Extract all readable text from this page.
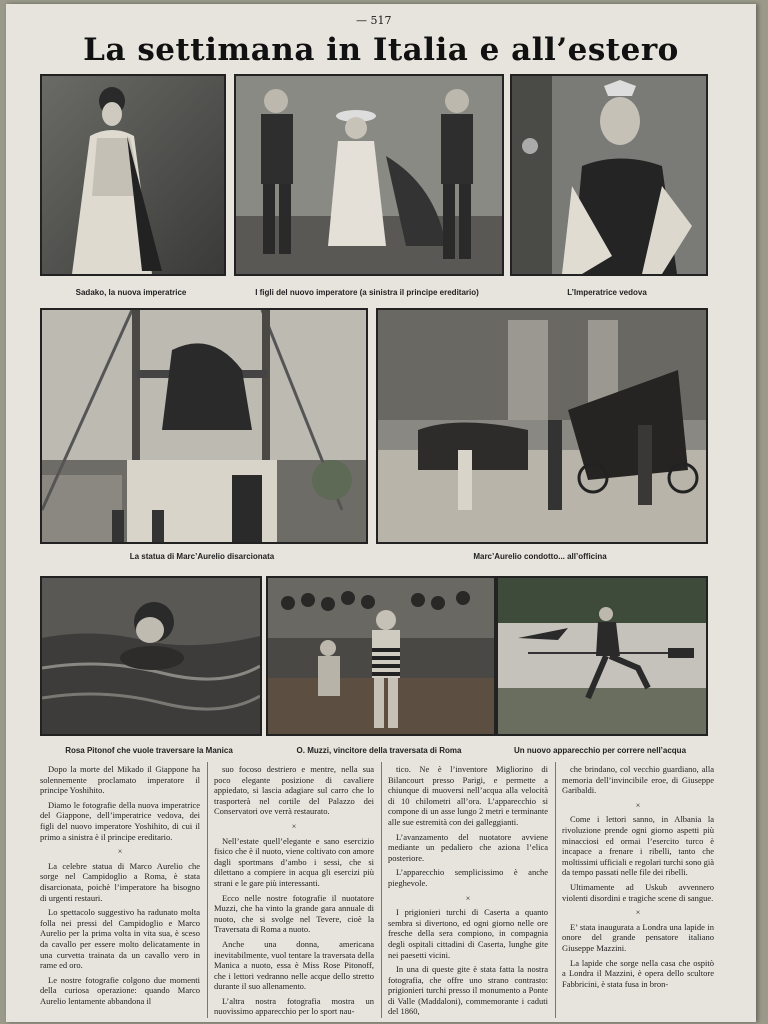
— 517
La settimana in Italia e all’estero
Sadako, la nuova imperatrice	I figli del nuovo imperatore (a sinistra il principe ereditario)	L’Imperatrice vedova
La statua di Marc’Aurelio disarcionata	Marc’Aurelio condotto... all’officina
Rosa Pitonof che vuole traversare la Manica	O. Muzzi, vincitore della traversata di Roma	Un nuovo apparecchio per correre nell’acqua

Dopo la morte del Mikado il Giappone ha solennemente proclamato imperatore il principe Yoshihito.

Diamo le fotografie della nuova imperatrice del Giappone, dell’imperatrice vedova, dei figli del nuovo imperatore Yoshihito, di cui il primo a sinistra è il principe ereditario.

×

La celebre statua di Marco Aurelio che sorge nel Campidoglio a Roma, è stata disarcionata, poichè l’imperatore ha bisogno di urgenti restauri.

Lo spettacolo suggestivo ha radunato molta folla nei pressi del Campidoglio e Marco Aurelio per la prima volta in vita sua, è sceso da cavallo per essere molto delicatamente in una curvetta trainata da un cavallo vero in rame ed oro.

Le nostre fotografie colgono due momenti della curiosa operazione: quando Marco Aurelio lentamente abbandona il

suo focoso destriero e mentre, nella sua poco elegante posizione di cavaliere appiedato, si lascia adagiare sul carro che lo trasporterà nel cortile del Palazzo dei Conservatori ove verrà restaurato.

×

Nell’estate quell’elegante e sano esercizio fisico che è il nuoto, viene coltivato con amore dagli sportmans d’ambo i sessi, che si dilettano a compiere in acqua gli esercizi più strani e le gare più interessanti.

Ecco nelle nostre fotografie il nuotatore Muzzi, che ha vinto la grande gara annuale di nuoto, che si svolge nel Tevere, cioè la Traversata di Roma a nuoto.

Anche una donna, americana inevitabilmente, vuol tentare la traversata della Manica a nuoto, essa è Miss Rose Pitonoff, che i lettori vedranno nelle acque dello stretto durante il suo allenamento.

L’altra nostra fotografia mostra un nuovissimo apparecchio per lo sport nau-

tico. Ne è l’inventore Migliorino di Bilancourt presso Parigi, e permette a chiunque di muoversi nell’acqua alla velocità di 10 chilometri all’ora. L’apparecchio si compone di un asse lungo 2 metri e terminante alle sue estremità con dei galleggianti.

L’avanzamento del nuotatore avviene mediante un pedaliero che aziona l’elica posteriore.

L’apparecchio semplicissimo è anche pieghevole.

×

I prigionieri turchi di Caserta a quanto sembra si divertono, ed ogni giorno nelle ore fresche della sera compiono, in compagnia degli ospitali cittadini di Caserta, lunghe gite nei paesetti vicini.

In una di queste gite è stata fatta la nostra fotografia, che offre uno strano contrasto: prigionieri turchi presso il monumento a Ponte di Valle (Maddaloni), commemorante i caduti del 1860,

che brindano, col vecchio guardiano, alla memoria dell’invincibile eroe, di Giuseppe Garibaldi.

×

Come i lettori sanno, in Albania la rivoluzione prende ogni giorno aspetti più minacciosi ed ormai l’esercito turco è incapace a frenare i ribelli, tanto che moltissimi ufficiali e regolari turchi sono già da tempo passati nelle file dei ribelli.

Ultimamente ad Uskub avvennero violenti disordini e tragiche scene di sangue.

×

E’ stata inaugurata a Londra una lapide in onore del grande pensatore italiano Giuseppe Mazzini.

La lapide che sorge nella casa che ospitò a Londra il Mazzini, è opera dello scultore Fabbricini, è stata fusa in bron-
